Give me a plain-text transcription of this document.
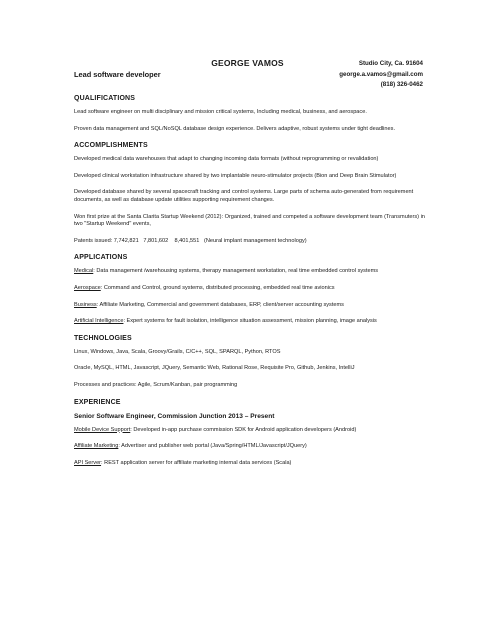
GEORGE VAMOS
Lead software developer
Studio City, Ca. 91604
george.a.vamos@gmail.com
(818) 326-0462
QUALIFICATIONS

Lead software engineer on multi disciplinary and mission critical systems, Including medical, business, and aerospace.

Proven data management and SQL/NoSQL database design experience. Delivers adaptive, robust systems under tight deadlines.

ACCOMPLISHMENTS

Developed medical data warehouses that adapt to changing incoming data formats (without reprogramming or revalidation)

Developed clinical workstation infrastructure shared by two implantable neuro-stimulator projects (Bion and Deep Brain Stimulator)

Developed database shared by several spacecraft tracking and control systems. Large parts of schema auto-generated from requirement documents, as well as database update utilities supporting requirement changes.

Won first prize at the Santa Clarita Startup Weekend (2012): Organized, trained and competed a software development team (Transmuters) in two "Startup Weekend" events,

Patents issued: 7,742,821   7,801,602    8,401,551   (Neural implant management technology)

APPLICATIONS

Medical: Data management /warehousing systems, therapy management workstation, real time embedded control systems

Aerospace: Command and Control, ground systems, distributed processing, embedded real time avionics

Business: Affiliate Marketing, Commercial and government databases, ERP, client/server accounting systems

Artificial Intelligence: Expert systems for fault isolation, intelligence situation assessment, mission planning, image analysis

TECHNOLOGIES

Linux, Windows, Java, Scala, Groovy/Grails, C/C++, SQL, SPARQL, Python, RTOS

Oracle, MySQL, HTML, Javascript, JQuery, Semantic Web, Rational Rose, Requisite Pro, Github, Jenkins, IntelliJ

Processes and practices: Agile, Scrum/Kanban, pair programming

EXPERIENCE
Senior Software Engineer, Commission Junction 2013 – Present

Mobile Device Support: Developed in-app purchase commission SDK for Android application developers (Android)

Affiliate Marketing: Advertiser and publisher web portal (Java/Spring/HTML/Javascript/JQuery)

API Server: REST application server for affiliate marketing internal data services (Scala)
